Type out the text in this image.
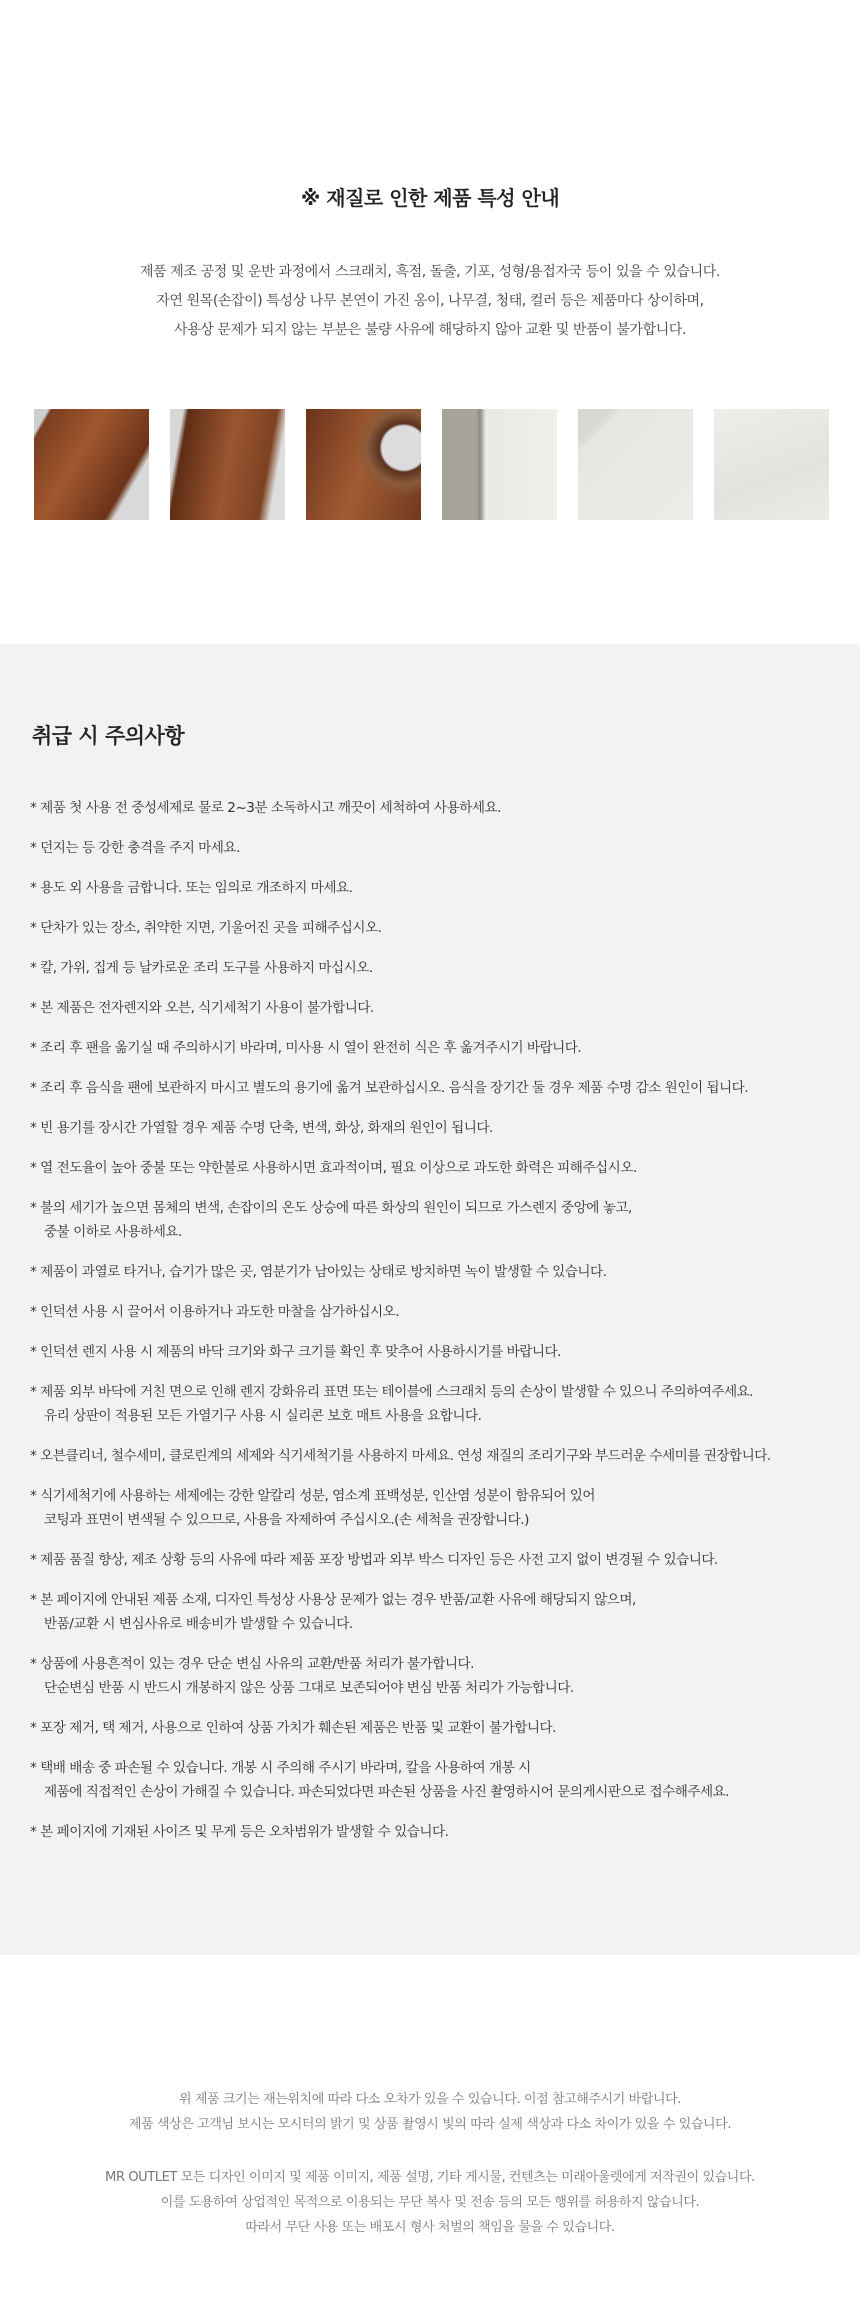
※ 재질로 인한 제품 특성 안내

제품 제조 공정 및 운반 과정에서 스크래치, 흑점, 돌출, 기포, 성형/용접자국 등이 있을 수 있습니다.

자연 원목(손잡이) 특성상 나무 본연이 가진 옹이, 나무결, 청태, 컬러 등은 제품마다 상이하며,

사용상 문제가 되지 않는 부분은 불량 사유에 해당하지 않아 교환 및 반품이 불가합니다.

취급 시 주의사항
* 제품 첫 사용 전 중성세제로 물로 2~3분 소독하시고 깨끗이 세척하여 사용하세요.
* 던지는 등 강한 충격을 주지 마세요.
* 용도 외 사용을 금합니다. 또는 임의로 개조하지 마세요.
* 단차가 있는 장소, 취약한 지면, 기울어진 곳을 피해주십시오.
* 칼, 가위, 집게 등 날카로운 조리 도구를 사용하지 마십시오.
* 본 제품은 전자렌지와 오븐, 식기세척기 사용이 불가합니다.
* 조리 후 팬을 옮기실 때 주의하시기 바라며, 미사용 시 열이 완전히 식은 후 옮겨주시기 바랍니다.
* 조리 후 음식을 팬에 보관하지 마시고 별도의 용기에 옮겨 보관하십시오. 음식을 장기간 둘 경우 제품 수명 감소 원인이 됩니다.
* 빈 용기를 장시간 가열할 경우 제품 수명 단축, 변색, 화상, 화재의 원인이 됩니다.
* 열 전도율이 높아 중불 또는 약한불로 사용하시면 효과적이며, 필요 이상으로 과도한 화력은 피해주십시오.
* 불의 세기가 높으면 몸체의 변색, 손잡이의 온도 상승에 따른 화상의 원인이 되므로 가스렌지 중앙에 놓고,
중불 이하로 사용하세요.
* 제품이 과열로 타거나, 습기가 많은 곳, 염분기가 남아있는 상태로 방치하면 녹이 발생할 수 있습니다.
* 인덕션 사용 시 끌어서 이용하거나 과도한 마찰을 삼가하십시오.
* 인덕션 렌지 사용 시 제품의 바닥 크기와 화구 크기를 확인 후 맞추어 사용하시기를 바랍니다.
* 제품 외부 바닥에 거친 면으로 인해 렌지 강화유리 표면 또는 테이블에 스크래치 등의 손상이 발생할 수 있으니 주의하여주세요.
유리 상판이 적용된 모든 가열기구 사용 시 실리콘 보호 매트 사용을 요합니다.
* 오븐클리너, 철수세미, 클로린계의 세제와 식기세척기를 사용하지 마세요. 연성 재질의 조리기구와 부드러운 수세미를 권장합니다.
* 식기세척기에 사용하는 세제에는 강한 알칼리 성분, 염소계 표백성분, 인산염 성분이 함유되어 있어
코팅과 표면이 변색될 수 있으므로, 사용을 자제하여 주십시오.(손 세척을 권장합니다.)
* 제품 품질 향상, 제조 상황 등의 사유에 따라 제품 포장 방법과 외부 박스 디자인 등은 사전 고지 없이 변경될 수 있습니다.
* 본 페이지에 안내된 제품 소재, 디자인 특성상 사용상 문제가 없는 경우 반품/교환 사유에 해당되지 않으며,
반품/교환 시 변심사유로 배송비가 발생할 수 있습니다.
* 상품에 사용흔적이 있는 경우 단순 변심 사유의 교환/반품 처리가 불가합니다.
단순변심 반품 시 반드시 개봉하지 않은 상품 그대로 보존되어야 변심 반품 처리가 가능합니다.
* 포장 제거, 택 제거, 사용으로 인하여 상품 가치가 훼손된 제품은 반품 및 교환이 불가합니다.
* 택배 배송 중 파손될 수 있습니다. 개봉 시 주의해 주시기 바라며, 칼을 사용하여 개봉 시
제품에 직접적인 손상이 가해질 수 있습니다. 파손되었다면 파손된 상품을 사진 촬영하시어 문의게시판으로 접수해주세요.
* 본 페이지에 기재된 사이즈 및 무게 등은 오차범위가 발생할 수 있습니다.

위 제품 크기는 재는위치에 따라 다소 오차가 있을 수 있습니다. 이점 참고해주시기 바랍니다.

제품 색상은 고객님 보시는 모시터의 밝기 및 상품 촬영시 빛의 따라 실제 색상과 다소 차이가 있을 수 있습니다.

MR OUTLET 모든 디자인 이미지 및 제품 이미지, 제품 설명, 기타 게시물, 컨텐츠는 미래아울렛에게 저작권이 있습니다.

이를 도용하여 상업적인 목적으로 이용되는 무단 복사 및 전송 등의 모든 행위를 허용하지 않습니다.

따라서 무단 사용 또는 배포시 형사 처벌의 책임을 물을 수 있습니다.
